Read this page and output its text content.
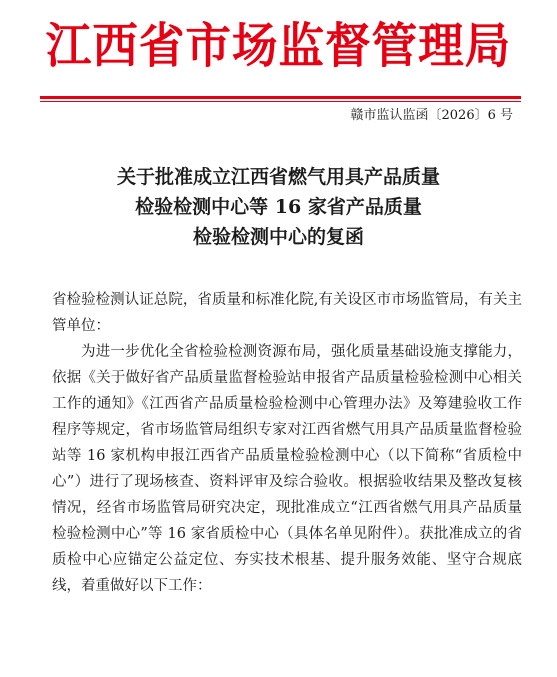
江西省市场监督管理局
赣市监认监函〔2026〕6 号
关于批准成立江西省燃气用具产品质量
检验检测中心等 16 家省产品质量
检验检测中心的复函

省检验检测认证总院，省质量和标准化院,有关设区市市场监管局，有关主管单位：

为进一步优化全省检验检测资源布局，强化质量基础设施支撑能力，依据《关于做好省产品质量监督检验站申报省产品质量检验检测中心相关工作的通知》《江西省产品质量检验检测中心管理办法》及筹建验收工作程序等规定，省市场监管局组织专家对江西省燃气用具产品质量监督检验站等 16 家机构申报江西省产品质量检验检测中心（以下简称“省质检中心”）进行了现场核查、资料评审及综合验收。根据验收结果及整改复核情况，经省市场监管局研究决定，现批准成立“江西省燃气用具产品质量检验检测中心”等 16 家省质检中心（具体名单见附件）。获批准成立的省质检中心应锚定公益定位、夯实技术根基、提升服务效能、坚守合规底线，着重做好以下工作：
